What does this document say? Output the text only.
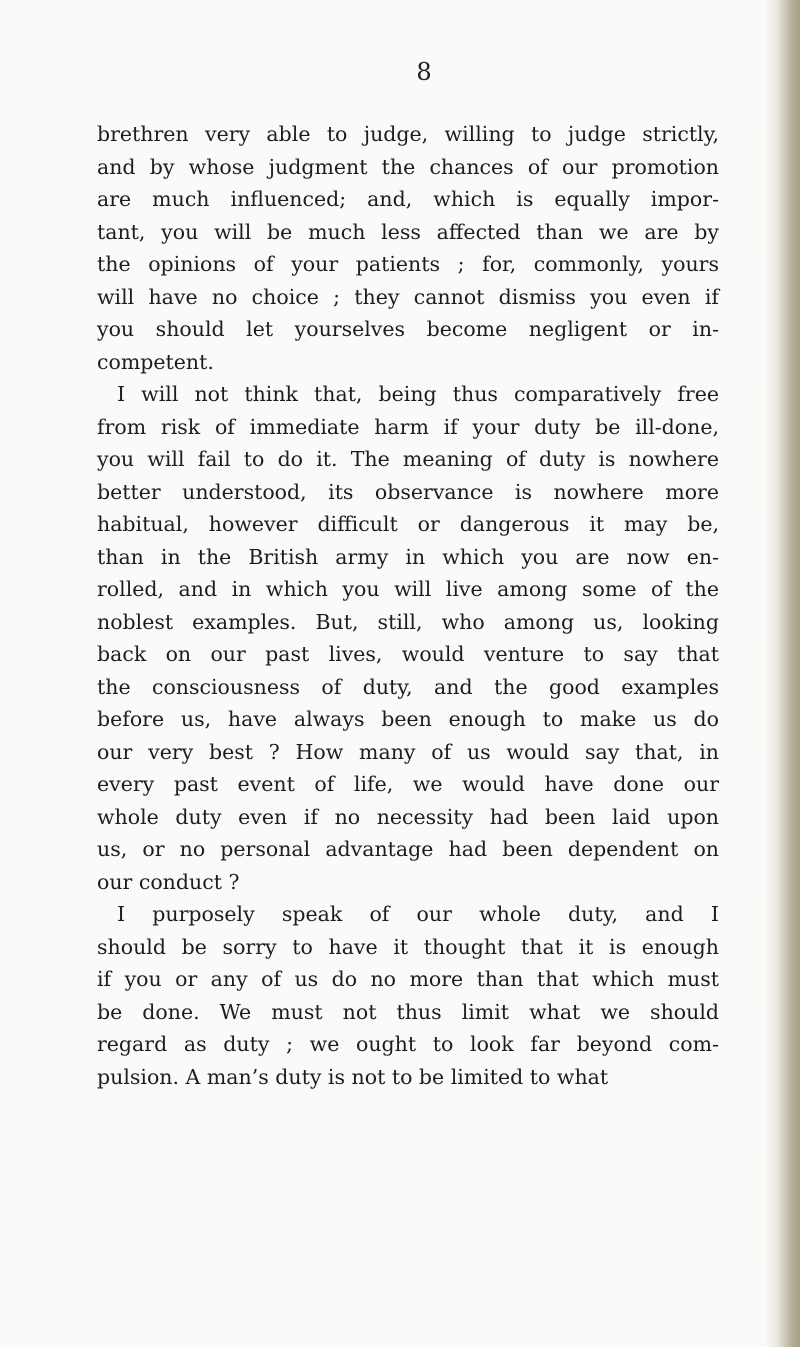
8
brethren very able to judge, willing to judge strictly,
and by whose judgment the chances of our promotion
are much influenced; and, which is equally impor-
tant, you will be much less affected than we are by
the opinions of your patients ; for, commonly, yours
will have no choice ; they cannot dismiss you even if
you should let yourselves become negligent or in-
competent.
I will not think that, being thus comparatively free
from risk of immediate harm if your duty be ill-done,
you will fail to do it. The meaning of duty is nowhere
better understood, its observance is nowhere more
habitual, however difficult or dangerous it may be,
than in the British army in which you are now en-
rolled, and in which you will live among some of the
noblest examples. But, still, who among us, looking
back on our past lives, would venture to say that
the consciousness of duty, and the good examples
before us, have always been enough to make us do
our very best ? How many of us would say that, in
every past event of life, we would have done our
whole duty even if no necessity had been laid upon
us, or no personal advantage had been dependent on
our conduct ?
I purposely speak of our whole duty, and I
should be sorry to have it thought that it is enough
if you or any of us do no more than that which must
be done. We must not thus limit what we should
regard as duty ; we ought to look far beyond com-
pulsion. A man’s duty is not to be limited to what
